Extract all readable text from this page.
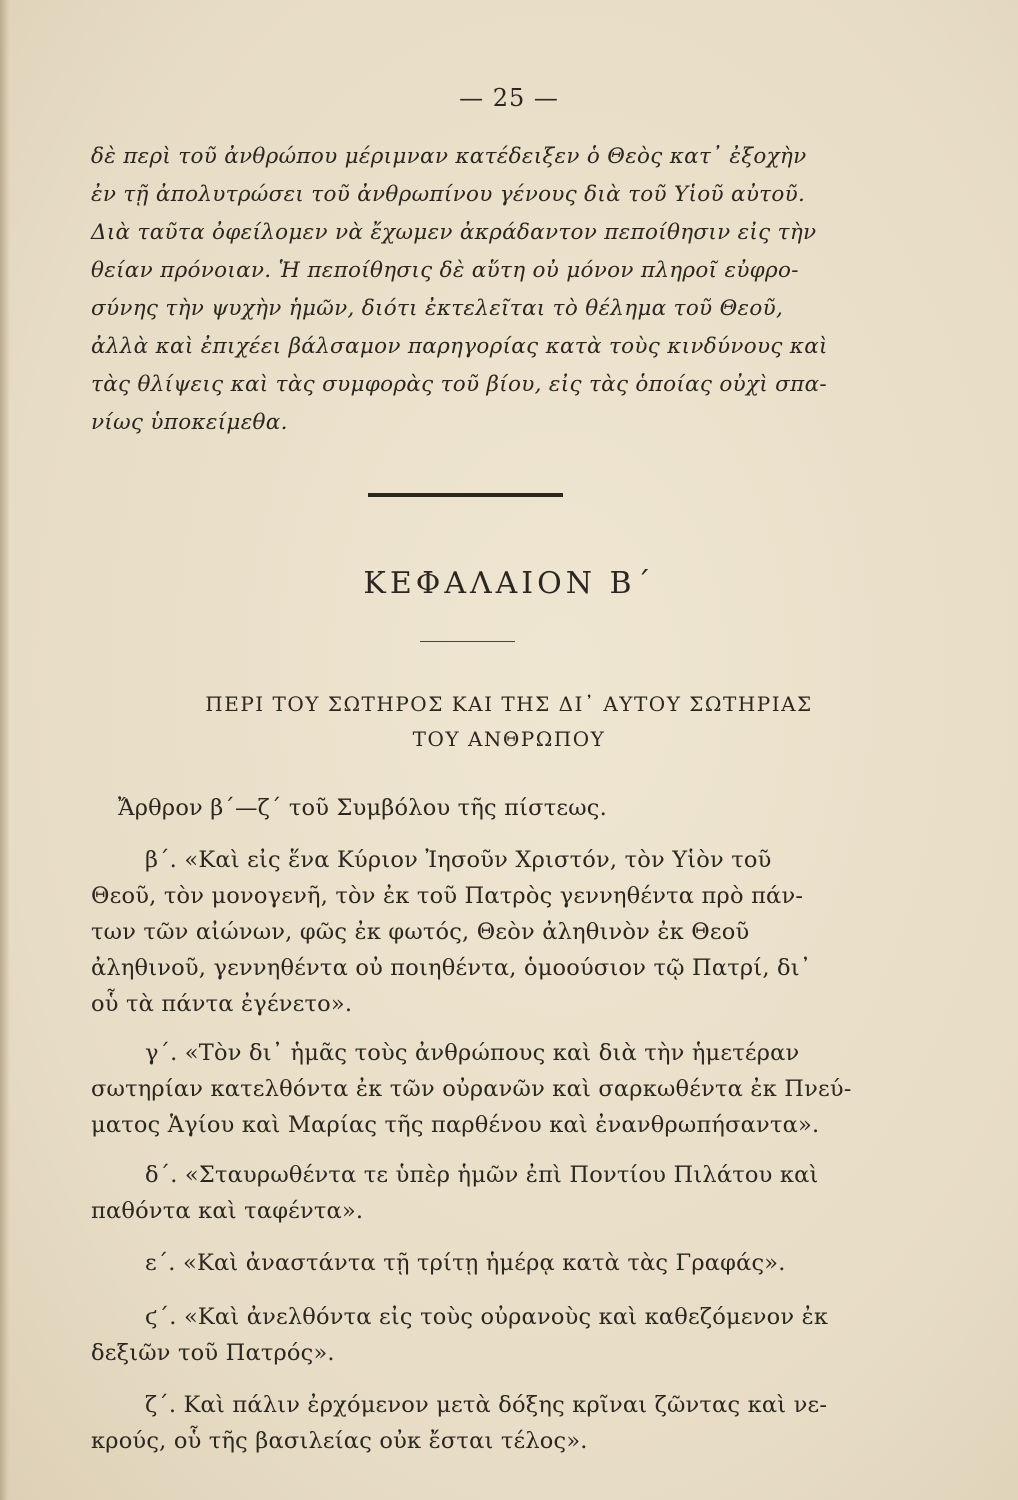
— 25 —
δὲ περὶ τοῦ ἀνθρώπου μέριμναν κατέδειξεν ὁ Θεὸς κατ᾽ ἐξοχὴν
ἐν τῇ ἀπολυτρώσει τοῦ ἀνθρωπίνου γένους διὰ τοῦ Υἱοῦ αὐτοῦ.
Διὰ ταῦτα ὀφείλομεν νὰ ἔχωμεν ἀκράδαντον πεποίθησιν εἰς τὴν
θείαν πρόνοιαν. Ἡ πεποίθησις δὲ αὕτη οὐ μόνον πληροῖ εὐφρο-
σύνης τὴν ψυχὴν ἡμῶν, διότι ἐκτελεῖται τὸ θέλημα τοῦ Θεοῦ,
ἀλλὰ καὶ ἐπιχέει βάλσαμον παρηγορίας κατὰ τοὺς κινδύνους καὶ
τὰς θλίψεις καὶ τὰς συμφορὰς τοῦ βίου, εἰς τὰς ὁποίας οὐχὶ σπα-
νίως ὑποκείμεθα.
ΚΕΦΑΛΑΙΟΝ Β΄
ΠΕΡΙ ΤΟΥ ΣΩΤΗΡΟΣ ΚΑΙ ΤΗΣ ΔΙ᾽ ΑΥΤΟΥ ΣΩΤΗΡΙΑΣ
ΤΟΥ ΑΝΘΡΩΠΟΥ
Ἄρθρον β΄—ζ΄ τοῦ Συμβόλου τῆς πίστεως.
β΄. «Καὶ εἰς ἕνα Κύριον Ἰησοῦν Χριστόν, τὸν Υἱὸν τοῦ
Θεοῦ, τὸν μονογενῆ, τὸν ἐκ τοῦ Πατρὸς γεννηθέντα πρὸ πάν-
των τῶν αἰώνων, φῶς ἐκ φωτός, Θεὸν ἀληθινὸν ἐκ Θεοῦ
ἀληθινοῦ, γεννηθέντα οὐ ποιηθέντα, ὁμοούσιον τῷ Πατρί, δι᾽
οὗ τὰ πάντα ἐγένετο».
γ΄. «Τὸν δι᾽ ἡμᾶς τοὺς ἀνθρώπους καὶ διὰ τὴν ἡμετέραν
σωτηρίαν κατελθόντα ἐκ τῶν οὐρανῶν καὶ σαρκωθέντα ἐκ Πνεύ-
ματος Ἁγίου καὶ Μαρίας τῆς παρθένου καὶ ἐνανθρωπήσαντα».
δ΄. «Σταυρωθέντα τε ὑπὲρ ἡμῶν ἐπὶ Ποντίου Πιλάτου καὶ
παθόντα καὶ ταφέντα».
ε΄. «Καὶ ἀναστάντα τῇ τρίτῃ ἡμέρᾳ κατὰ τὰς Γραφάς».
ϛ΄. «Καὶ ἀνελθόντα εἰς τοὺς οὐρανοὺς καὶ καθεζόμενον ἐκ
δεξιῶν τοῦ Πατρός».
ζ΄. Καὶ πάλιν ἐρχόμενον μετὰ δόξης κρῖναι ζῶντας καὶ νε-
κρούς, οὗ τῆς βασιλείας οὐκ ἔσται τέλος».
